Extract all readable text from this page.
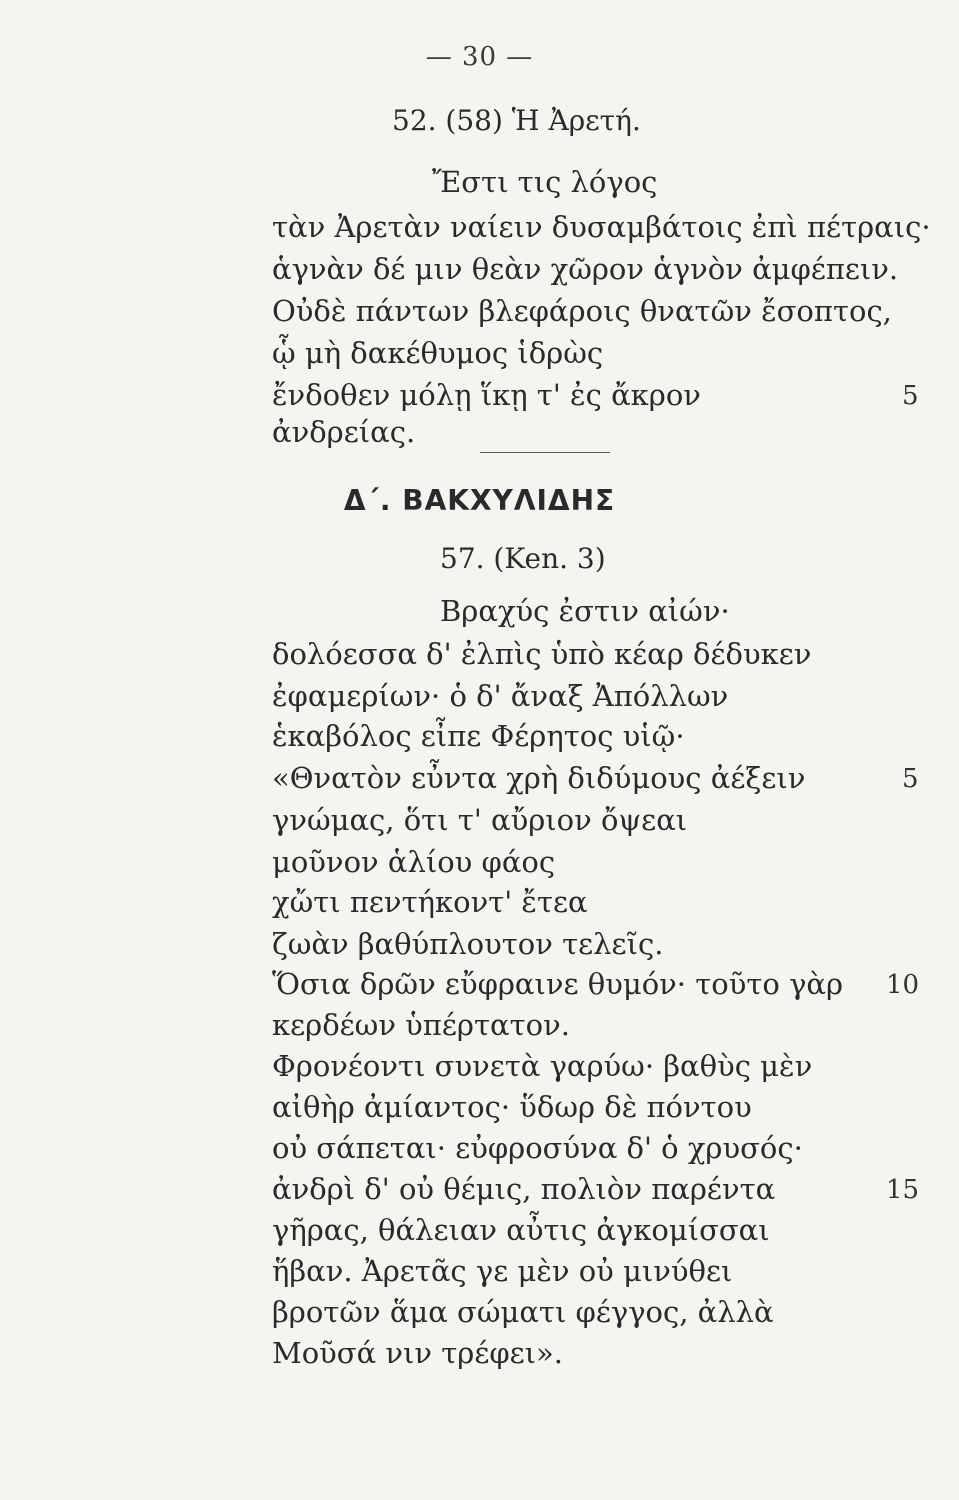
— 30 —
52. (58) Ἡ Ἀρετή.
Ἔστι τις λόγος
τὰν Ἀρετὰν ναίειν δυσαμβάτοις ἐπὶ πέτραις·
ἁγνὰν δέ μιν θεὰν χῶρον ἁγνὸν ἀμφέπειν.
Οὐδὲ πάντων βλεφάροις θνατῶν ἔσοπτος,
ᾧ μὴ δακέθυμος ἱδρὼς
ἔνδοθεν μόλῃ ἵκῃ τ' ἐς ἄκρον	5
ἀνδρείας.
Δ΄. ΒΑΚΧΥΛΙΔΗΣ
57. (Ken. 3)
Βραχύς ἐστιν αἰών·
δολόεσσα δ' ἐλπὶς ὑπὸ κέαρ δέδυκεν
ἐφαμερίων· ὁ δ' ἄναξ Ἀπόλλων
ἑκαβόλος εἶπε Φέρητος υἱῷ·
«Θνατὸν εὖντα χρὴ διδύμους ἀέξειν	5
γνώμας, ὅτι τ' αὔριον ὄψεαι
μοῦνον ἁλίου φάος
χὤτι πεντήκοντ' ἔτεα
ζωὰν βαθύπλουτον τελεῖς.
Ὅσια δρῶν εὔφραινε θυμόν· τοῦτο γὰρ 10
κερδέων ὑπέρτατον.
Φρονέοντι συνετὰ γαρύω· βαθὺς μὲν
αἰθὴρ ἀμίαντος· ὕδωρ δὲ πόντου
οὐ σάπεται· εὐφροσύνα δ' ὁ χρυσός·
ἀνδρὶ δ' οὐ θέμις, πολιὸν παρέντα	15
γῆρας, θάλειαν αὖτις ἀγκομίσσαι
ἥβαν. Ἀρετᾶς γε μὲν οὐ μινύθει
βροτῶν ἅμα σώματι φέγγος, ἀλλὰ
Μοῦσά νιν τρέφει».
